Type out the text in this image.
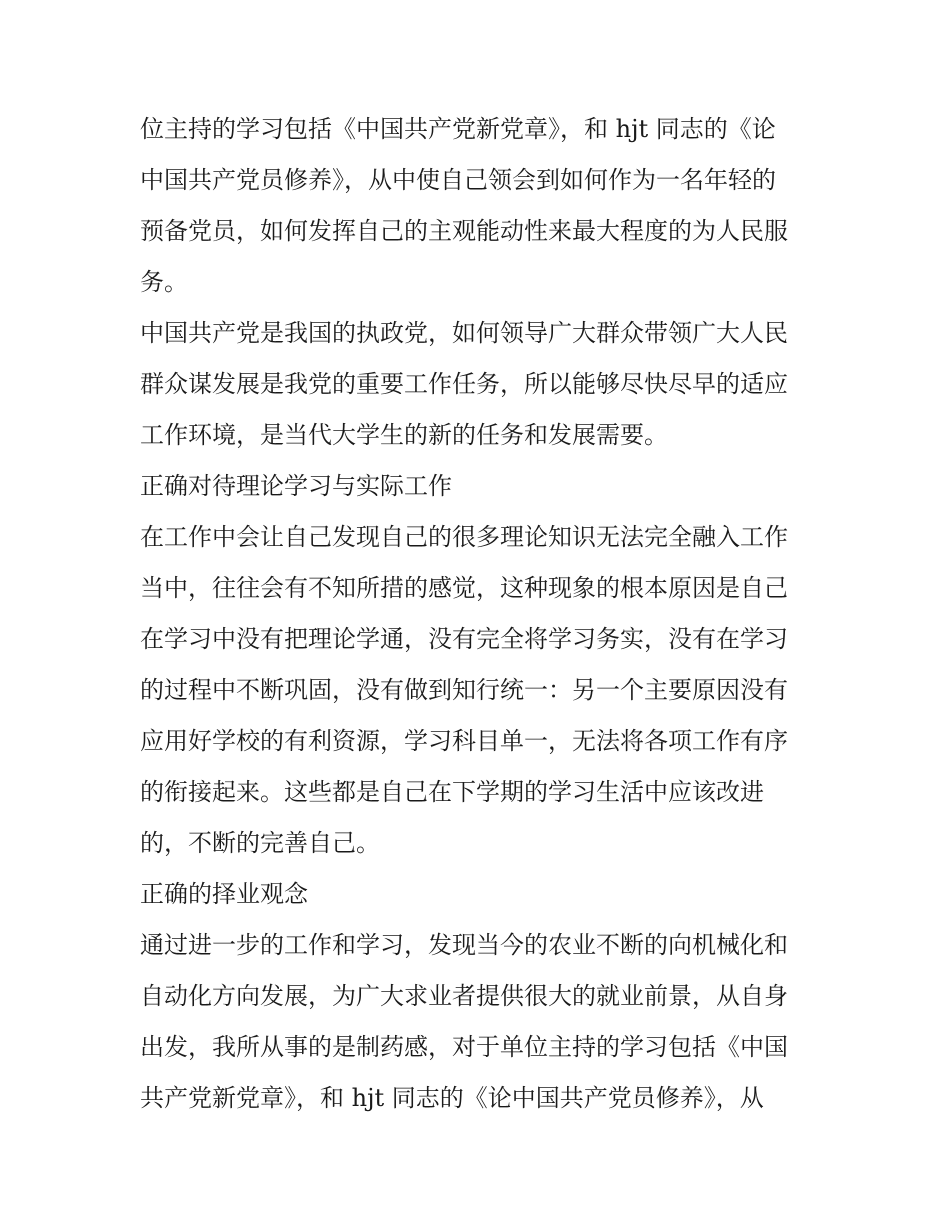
位主持的学习包括《中国共产党新党章》，和 hjt 同志的《论
中国共产党员修养》，从中使自己领会到如何作为一名年轻的
预备党员，如何发挥自己的主观能动性来最大程度的为人民服
务。
中国共产党是我国的执政党，如何领导广大群众带领广大人民
群众谋发展是我党的重要工作任务，所以能够尽快尽早的适应
工作环境，是当代大学生的新的任务和发展需要。
正确对待理论学习与实际工作
在工作中会让自己发现自己的很多理论知识无法完全融入工作
当中，往往会有不知所措的感觉，这种现象的根本原因是自己
在学习中没有把理论学通，没有完全将学习务实，没有在学习
的过程中不断巩固，没有做到知行统一：另一个主要原因没有
应用好学校的有利资源，学习科目单一，无法将各项工作有序
的衔接起来。这些都是自己在下学期的学习生活中应该改进
的，不断的完善自己。
正确的择业观念
通过进一步的工作和学习，发现当今的农业不断的向机械化和
自动化方向发展，为广大求业者提供很大的就业前景，从自身
出发，我所从事的是制药感，对于单位主持的学习包括《中国
共产党新党章》，和 hjt 同志的《论中国共产党员修养》，从
